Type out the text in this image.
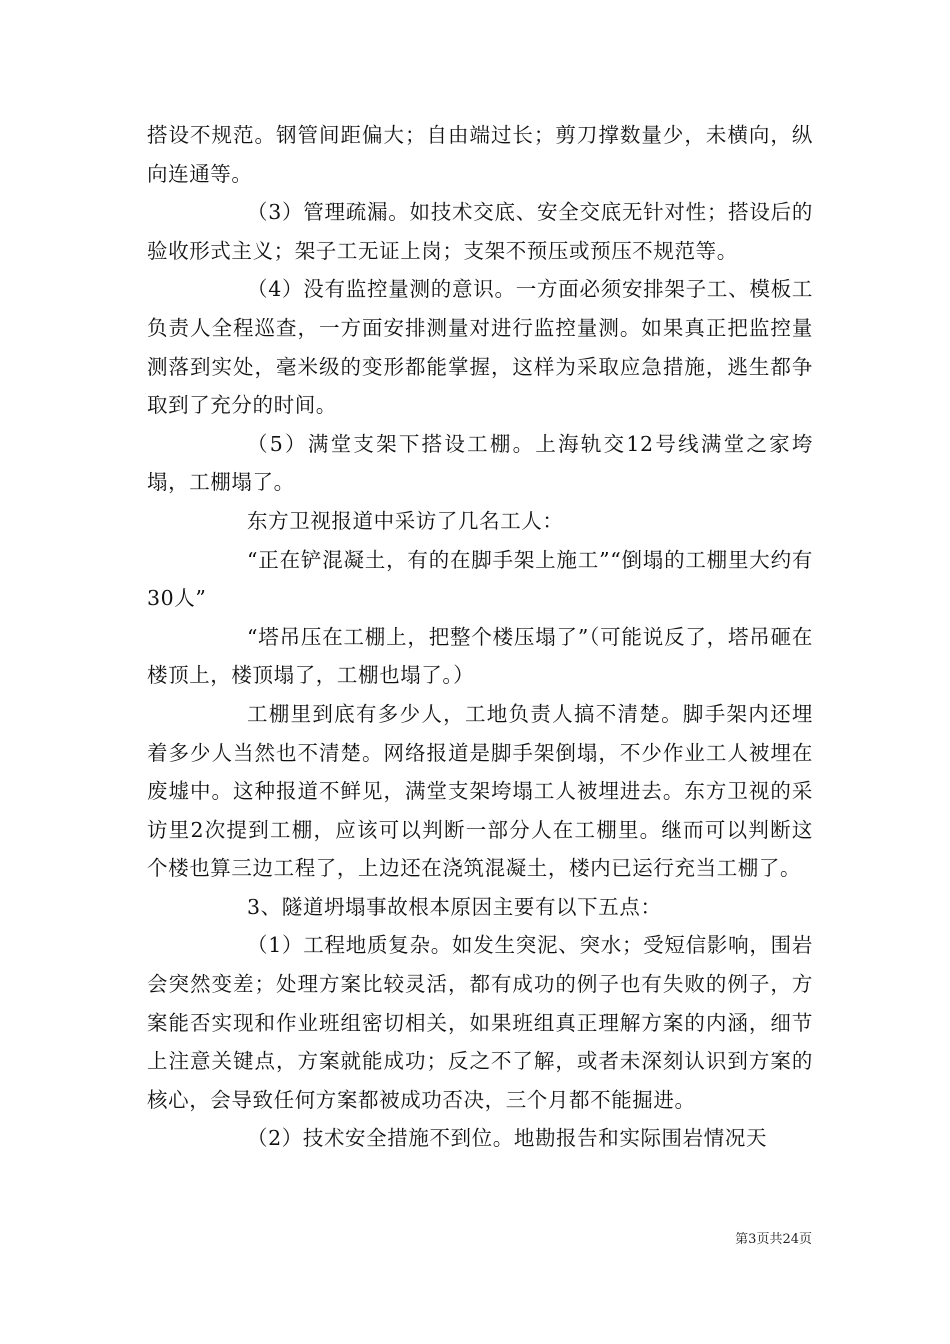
搭设不规范。钢管间距偏大；自由端过长；剪刀撑数量少，未横向，纵向连通等。

（3）管理疏漏。如技术交底、安全交底无针对性；搭设后的验收形式主义；架子工无证上岗；支架不预压或预压不规范等。

（4）没有监控量测的意识。一方面必须安排架子工、模板工负责人全程巡查，一方面安排测量对进行监控量测。如果真正把监控量测落到实处，毫米级的变形都能掌握，这样为采取应急措施，逃生都争取到了充分的时间。

（5）满堂支架下搭设工棚。上海轨交12号线满堂之家垮塌，工棚塌了。

东方卫视报道中采访了几名工人：

“正在铲混凝土，有的在脚手架上施工”“倒塌的工棚里大约有30人”

“塔吊压在工棚上，把整个楼压塌了”（可能说反了，塔吊砸在楼顶上，楼顶塌了，工棚也塌了。）

工棚里到底有多少人，工地负责人搞不清楚。脚手架内还埋着多少人当然也不清楚。网络报道是脚手架倒塌，不少作业工人被埋在废墟中。这种报道不鲜见，满堂支架垮塌工人被埋进去。东方卫视的采访里2次提到工棚，应该可以判断一部分人在工棚里。继而可以判断这个楼也算三边工程了，上边还在浇筑混凝土，楼内已运行充当工棚了。

3、隧道坍塌事故根本原因主要有以下五点：

（1）工程地质复杂。如发生突泥、突水；受短信影响，围岩会突然变差；处理方案比较灵活，都有成功的例子也有失败的例子，方案能否实现和作业班组密切相关，如果班组真正理解方案的内涵，细节上注意关键点，方案就能成功；反之不了解，或者未深刻认识到方案的核心，会导致任何方案都被成功否决，三个月都不能掘进。

（2）技术安全措施不到位。地勘报告和实际围岩情况天

第3页共24页
